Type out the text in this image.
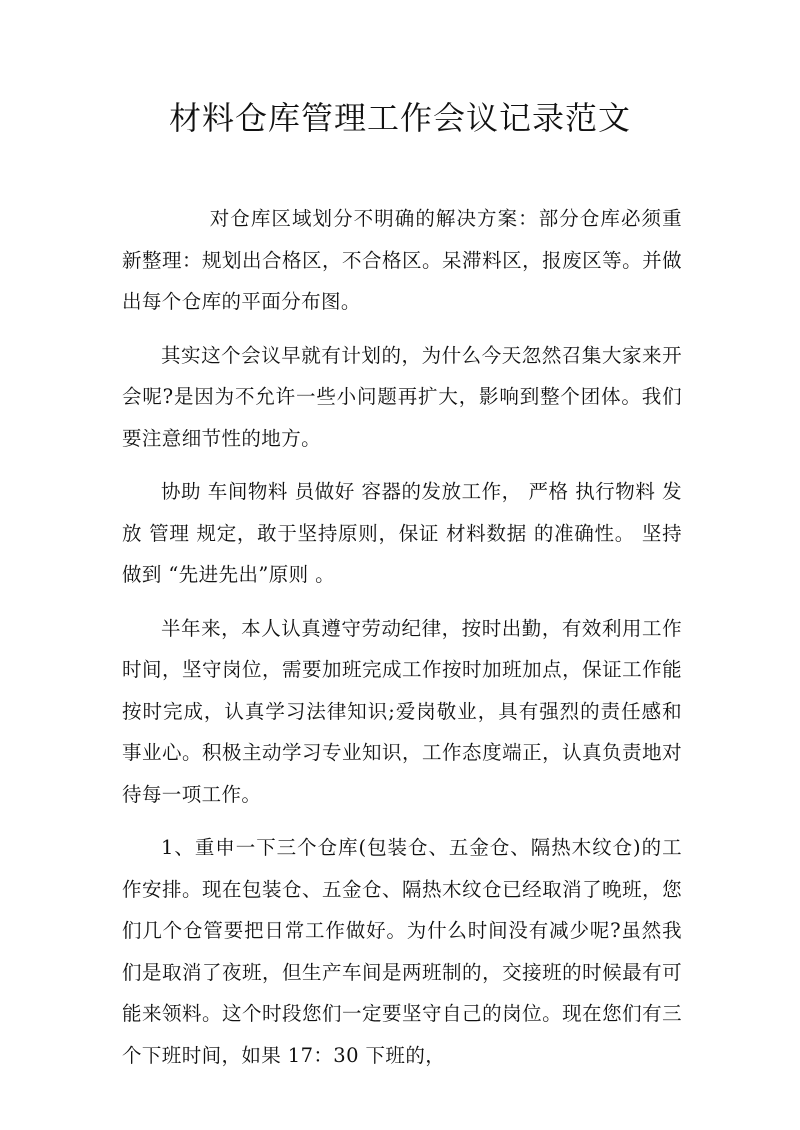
材料仓库管理工作会议记录范文

对仓库区域划分不明确的解决方案：部分仓库必须重新整理：规划出合格区，不合格区。呆滞料区，报废区等。并做出每个仓库的平面分布图。

其实这个会议早就有计划的，为什么今天忽然召集大家来开会呢?是因为不允许一些小问题再扩大，影响到整个团体。我们要注意细节性的地方。

协助 车间物料 员做好 容器的发放工作， 严格 执行物料 发放 管理 规定，敢于坚持原则，保证 材料数据 的准确性。 坚持 做到 “先进先出”原则 。

半年来，本人认真遵守劳动纪律，按时出勤，有效利用工作时间，坚守岗位，需要加班完成工作按时加班加点，保证工作能按时完成，认真学习法律知识;爱岗敬业，具有强烈的责任感和事业心。积极主动学习专业知识，工作态度端正，认真负责地对待每一项工作。

1、重申一下三个仓库(包装仓、五金仓、隔热木纹仓)的工作安排。现在包装仓、五金仓、隔热木纹仓已经取消了晚班，您们几个仓管要把日常工作做好。为什么时间没有减少呢?虽然我们是取消了夜班，但生产车间是两班制的，交接班的时候最有可能来领料。这个时段您们一定要坚守自己的岗位。现在您们有三个下班时间，如果 17：30 下班的，
